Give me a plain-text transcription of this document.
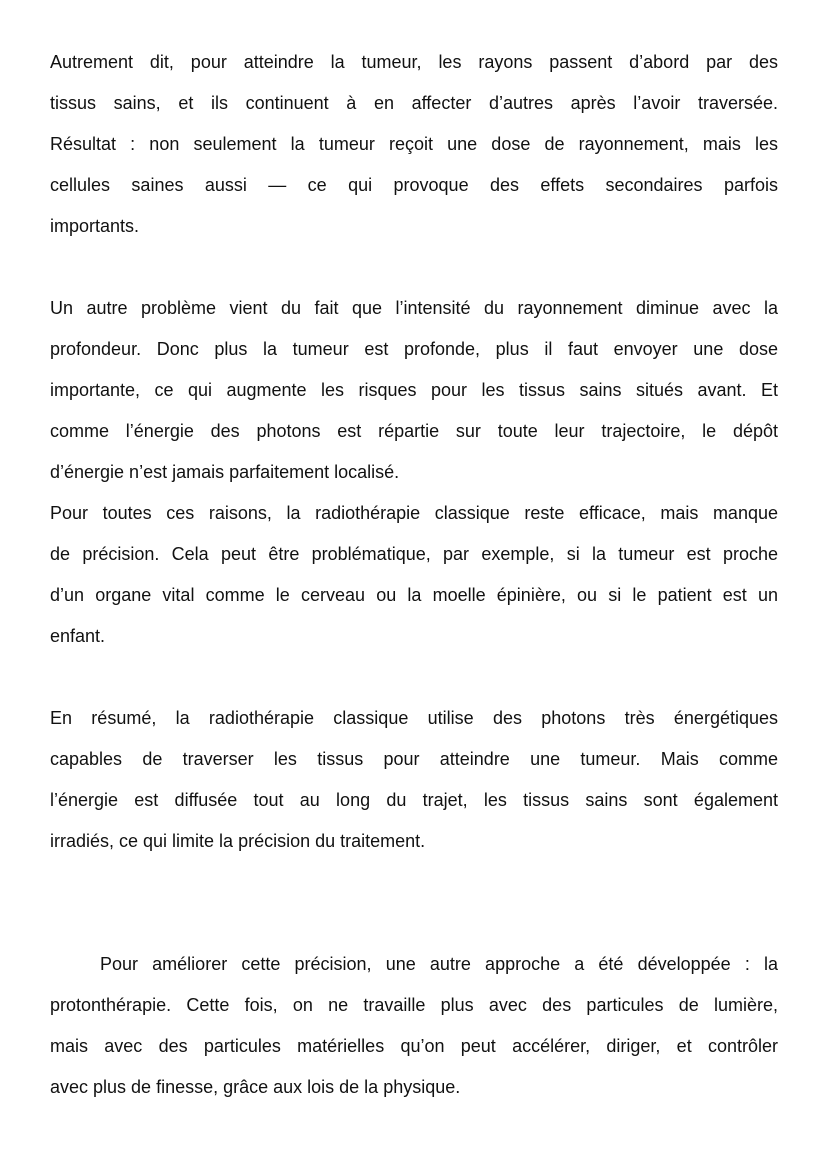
Autrement dit, pour atteindre la tumeur, les rayons passent d’abord par des
tissus sains, et ils continuent à en affecter d’autres après l’avoir traversée.
Résultat : non seulement la tumeur reçoit une dose de rayonnement, mais les
cellules saines aussi — ce qui provoque des effets secondaires parfois
importants.
Un autre problème vient du fait que l’intensité du rayonnement diminue avec la
profondeur. Donc plus la tumeur est profonde, plus il faut envoyer une dose
importante, ce qui augmente les risques pour les tissus sains situés avant. Et
comme l’énergie des photons est répartie sur toute leur trajectoire, le dépôt
d’énergie n’est jamais parfaitement localisé.
Pour toutes ces raisons, la radiothérapie classique reste efficace, mais manque
de précision. Cela peut être problématique, par exemple, si la tumeur est proche
d’un organe vital comme le cerveau ou la moelle épinière, ou si le patient est un
enfant.
En résumé, la radiothérapie classique utilise des photons très énergétiques
capables de traverser les tissus pour atteindre une tumeur. Mais comme
l’énergie est diffusée tout au long du trajet, les tissus sains sont également
irradiés, ce qui limite la précision du traitement.
Pour améliorer cette précision, une autre approche a été développée : la
protonthérapie. Cette fois, on ne travaille plus avec des particules de lumière,
mais avec des particules matérielles qu’on peut accélérer, diriger, et contrôler
avec plus de finesse, grâce aux lois de la physique.
